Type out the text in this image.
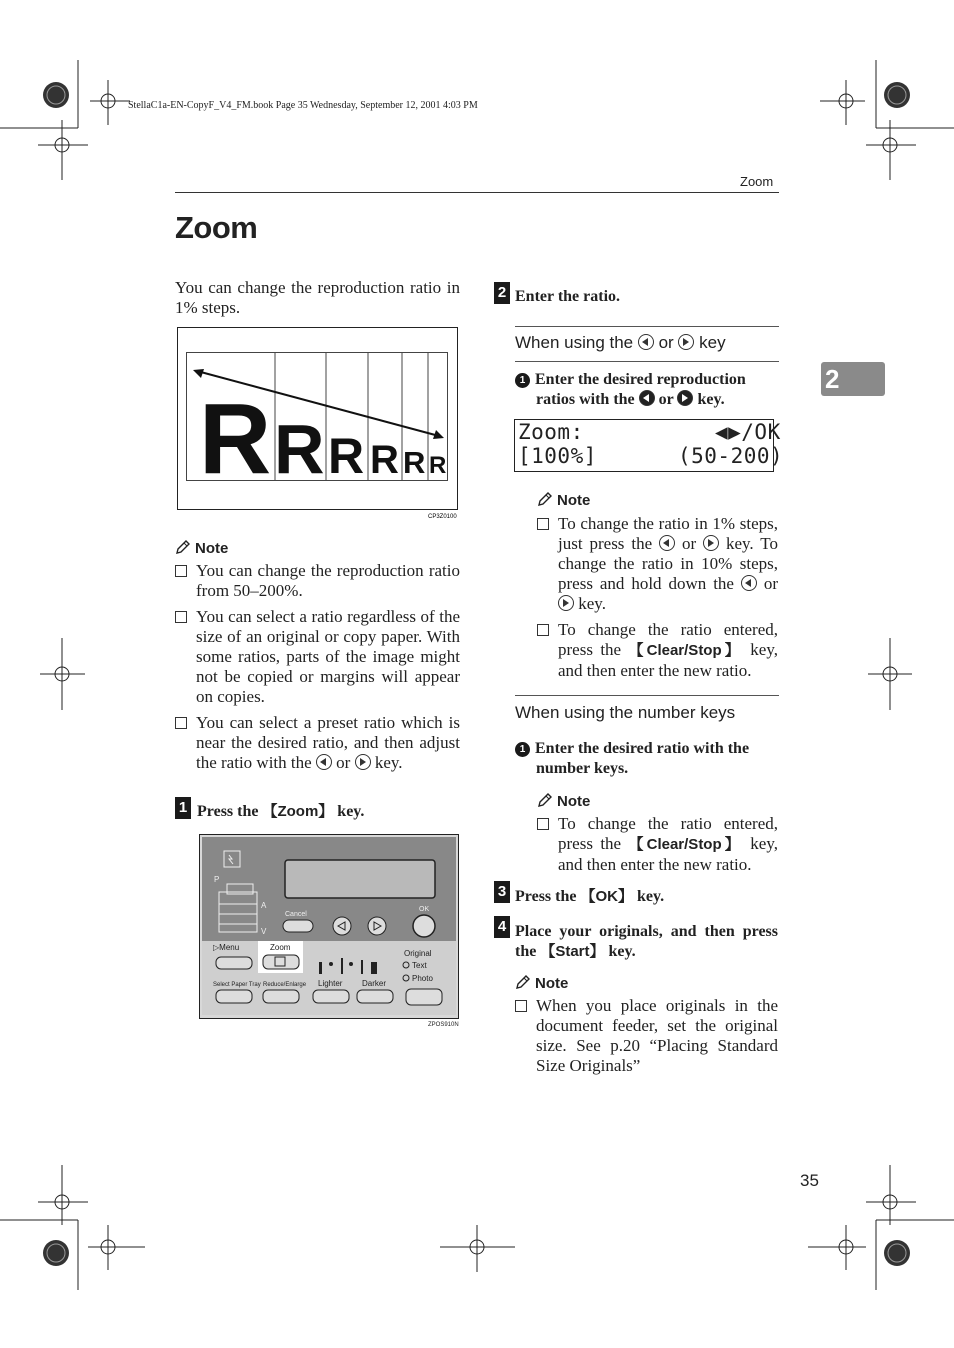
StellaC1a-EN-CopyF_V4_FM.book Page 35 Wednesday, September 12, 2001 4:03 PM
Zoom
Zoom
2
You can change the reproduction ratio in 1% steps.
R R R R R R
CP3Z0100
Note
You can change the reproduction ratio from 50–200%.
You can select a ratio regardless of the size of an original or copy paper. With some ratios, parts of the image might not be copied or margins will appear on copies.
You can select a preset ratio which is near the desired ratio, and then adjust the ratio with the
or
key.
1 Press the 【Zoom】 key.
P
A
V
Cancel
OK
▷Menu	Zoom
Original
Text
Photo
Select Paper Tray Reduce/Enlarge Lighter Darker
ZPOS910N
2 Enter the ratio.
When using the
or
key
1 Enter the desired reproduction
ratios with the
or
key.
Zoom:	◀▶/OK
[100%]	(50-200)
Note
To change the ratio in 1% steps, just press the
or
key. To change the ratio in 10% steps, press and hold down the
or
key.
To change the ratio entered, press the 【Clear/Stop】 key, and then enter the new ratio.
When using the number keys
1 Enter the desired ratio with the number keys.
Note
To change the ratio entered, press the 【Clear/Stop】 key, and then enter the new ratio.
3 Press the 【OK】 key.
4 Place your originals, and then press the 【Start】 key.
Note
When you place originals in the document feeder, set the original size. See p.20 “Placing Standard Size Originals”
35
